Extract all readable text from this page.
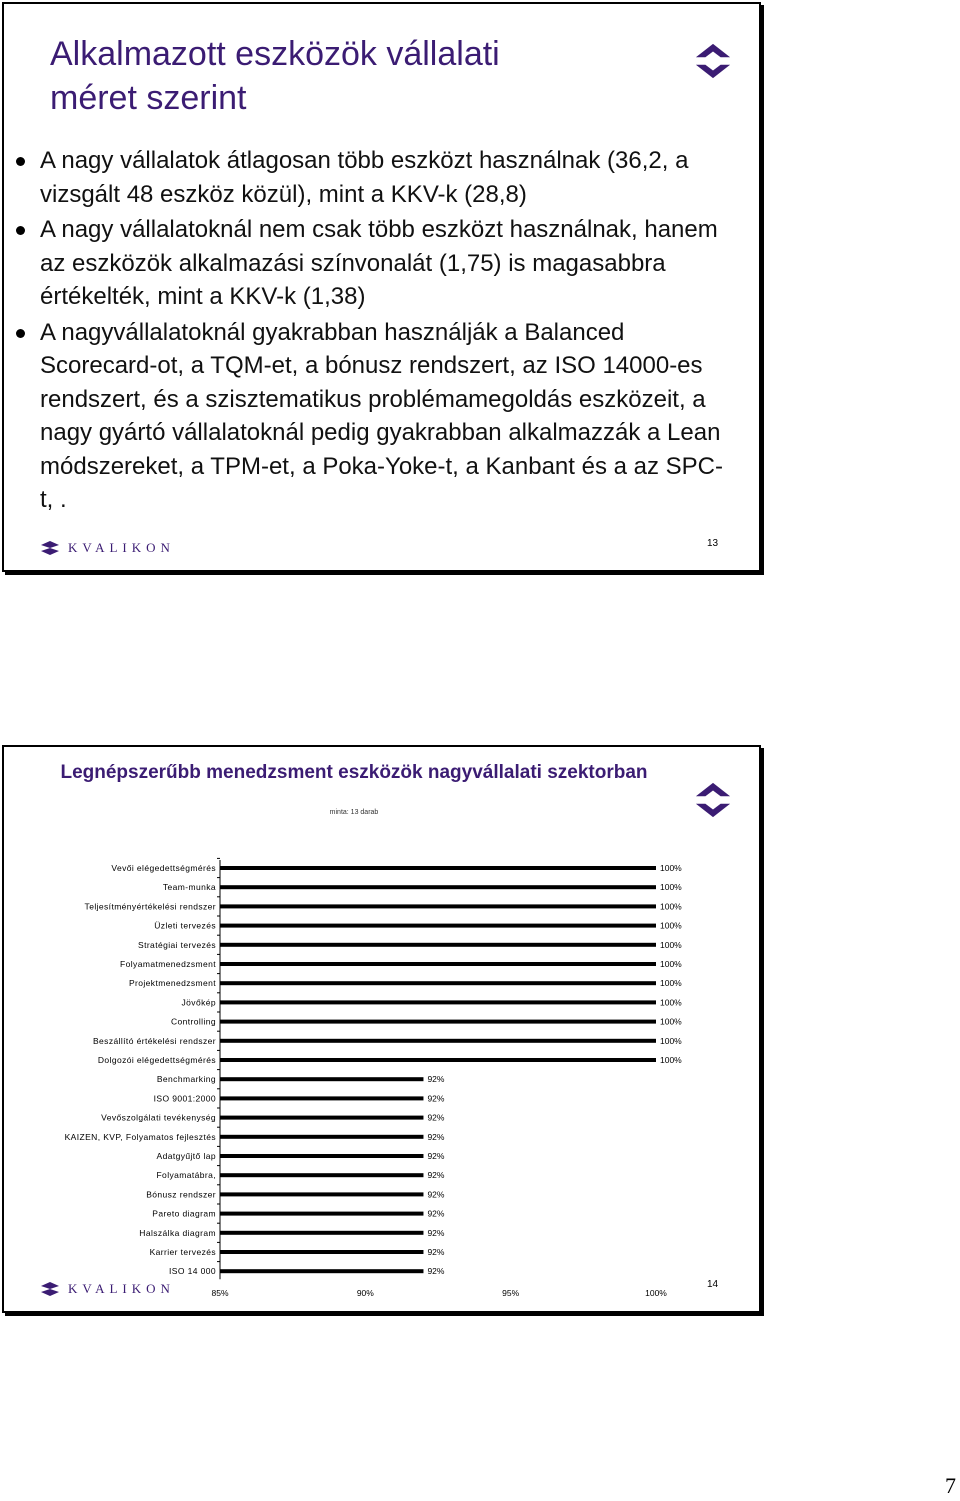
Alkalmazott eszközök vállalati
méret szerint
A nagy vállalatok átlagosan több eszközt használnak (36,2, a vizsgált 48 eszköz közül), mint a KKV-k (28,8)
A nagy vállalatoknál nem csak több eszközt használnak, hanem az eszközök alkalmazási színvonalát (1,75) is magasabbra értékelték, mint a KKV-k (1,38)
A nagyvállalatoknál gyakrabban használják a Balanced Scorecard-ot, a TQM-et, a bónusz rendszert, az ISO 14000-es rendszert, és a szisztematikus problémamegoldás eszközeit, a nagy gyártó vállalatoknál pedig gyakrabban alkalmazzák a Lean módszereket, a TPM-et, a Poka-Yoke-t, a Kanbant és a az SPC-t, .
KVALIKON	13
Legnépszerűbb menedzsment eszközök nagyvállalati szektorban
minta: 13 darab
Vevői elégedettségmérés	100%
Team-munka	100%
Teljesítményértékelési rendszer	100%
Üzleti tervezés	100%
Stratégiai tervezés	100%
Folyamatmenedzsment	100%
Projektmenedzsment	100%
Jövőkép	100%
Controlling	100%
Beszállító értékelési rendszer	100%
Dolgozói elégedettségmérés	100%
Benchmarking	92%
ISO 9001:2000	92%
Vevőszolgálati tevékenység	92%
KAIZEN, KVP, Folyamatos fejlesztés	92%
Adatgyűjtő lap	92%
Folyamatábra,	92%
Bónusz rendszer	92%
Pareto diagram	92%
Halszálka diagram	92%
Karrier tervezés	92%
ISO 14 000	92%
85%	90%	95%	100%
KVALIKON	14
7
